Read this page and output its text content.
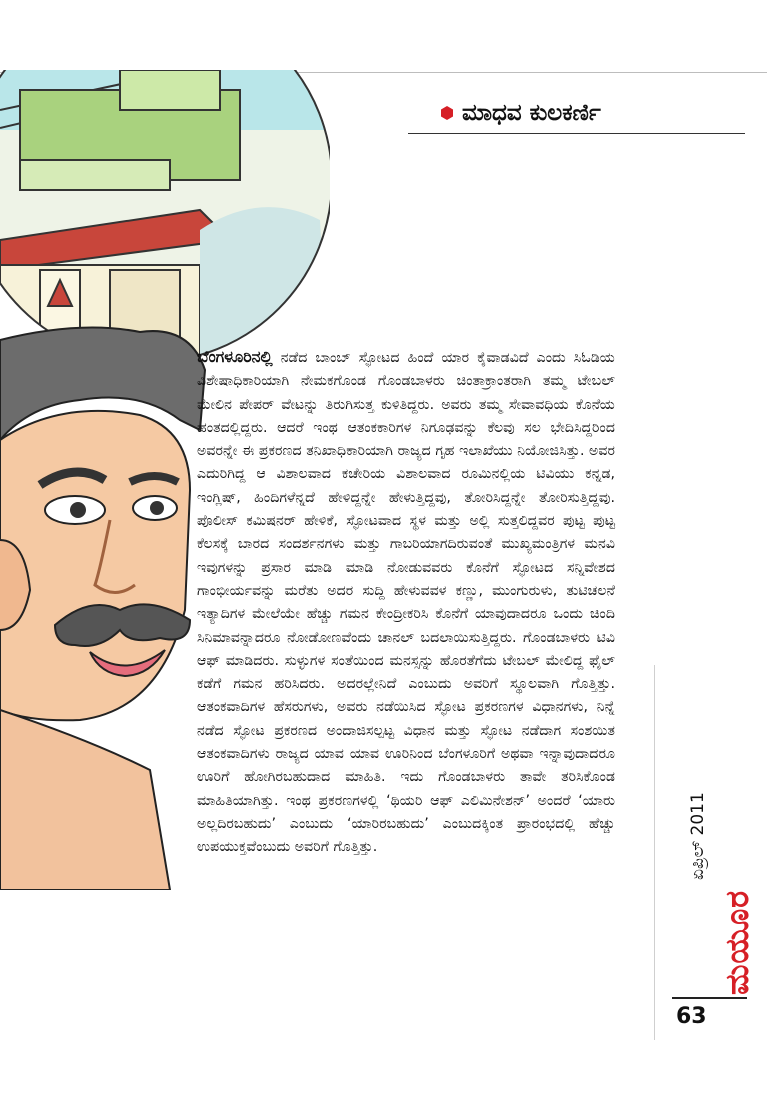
ಮಾಧವ ಕುಲಕರ್ಣಿ

ಬೆಂಗಳೂರಿನಲ್ಲಿ ನಡೆದ ಬಾಂಬ್ ಸ್ಫೋಟದ ಹಿಂದೆ ಯಾರ ಕೈವಾಡವಿದೆ ಎಂದು ಸಿಓಡಿಯ ವಿಶೇಷಾಧಿಕಾರಿಯಾಗಿ ನೇಮಕಗೊಂಡ ಗೊಂಡಬಾಳರು ಚಿಂತಾಕ್ರಾಂತರಾಗಿ ತಮ್ಮ ಟೇಬಲ್ ಮೇಲಿನ ಪೇಪರ್ ವೇಟನ್ನು ತಿರುಗಿಸುತ್ತ ಕುಳಿತಿದ್ದರು. ಅವರು ತಮ್ಮ ಸೇವಾವಧಿಯ ಕೊನೆಯ ಹಂತದಲ್ಲಿದ್ದರು. ಆದರೆ ಇಂಥ ಆತಂಕಕಾರಿಗಳ ನಿಗೂಢವನ್ನು ಕೆಲವು ಸಲ ಭೇದಿಸಿದ್ದರಿಂದ ಅವರನ್ನೇ ಈ ಪ್ರಕರಣದ ತನಿಖಾಧಿಕಾರಿಯಾಗಿ ರಾಜ್ಯದ ಗೃಹ ಇಲಾಖೆಯು ನಿಯೋಜಿಸಿತ್ತು. ಅವರ ಎದುರಿಗಿದ್ದ ಆ ವಿಶಾಲವಾದ ಕಚೇರಿಯ ವಿಶಾಲವಾದ ರೂಮಿನಲ್ಲಿಯ ಟಿವಿಯು ಕನ್ನಡ, ಇಂಗ್ಲಿಷ್, ಹಿಂದಿಗಳೆನ್ನದೆ ಹೇಳಿದ್ದನ್ನೇ ಹೇಳುತ್ತಿದ್ದವು, ತೋರಿಸಿದ್ದನ್ನೇ ತೋರಿಸುತ್ತಿದ್ದವು. ಪೊಲೀಸ್ ಕಮಿಷನರ್ ಹೇಳಿಕೆ, ಸ್ಫೋಟವಾದ ಸ್ಥಳ ಮತ್ತು ಅಲ್ಲಿ ಸುತ್ತಲಿದ್ದವರ ಪುಟ್ಟ ಪುಟ್ಟ ಕೆಲಸಕ್ಕೆ ಬಾರದ ಸಂದರ್ಶನಗಳು ಮತ್ತು ಗಾಬರಿಯಾಗದಿರುವಂತೆ ಮುಖ್ಯಮಂತ್ರಿಗಳ ಮನವಿ ಇವುಗಳನ್ನು ಪ್ರಸಾರ ಮಾಡಿ ಮಾಡಿ ನೋಡುವವರು ಕೊನೆಗೆ ಸ್ಫೋಟದ ಸನ್ನಿವೇಶದ ಗಾಂಭೀರ್ಯವನ್ನು ಮರೆತು ಅದರ ಸುದ್ದಿ ಹೇಳುವವಳ ಕಣ್ಣು, ಮುಂಗುರುಳು, ತುಟಿಚಲನೆ ಇತ್ಯಾದಿಗಳ ಮೇಲೆಯೇ ಹೆಚ್ಚು ಗಮನ ಕೇಂದ್ರೀಕರಿಸಿ ಕೊನೆಗೆ ಯಾವುದಾದರೂ ಒಂದು ಚಿಂದಿ ಸಿನಿಮಾವನ್ನಾದರೂ ನೋಡೋಣವೆಂದು ಚಾನಲ್ ಬದಲಾಯಿಸುತ್ತಿದ್ದರು. ಗೊಂಡಬಾಳರು ಟಿವಿ ಆಫ್ ಮಾಡಿದರು. ಸುಳ್ಳುಗಳ ಸಂತೆಯಿಂದ ಮನಸ್ಸನ್ನು ಹೊರತೆಗೆದು ಟೇಬಲ್ ಮೇಲಿದ್ದ ಫೈಲ್ ಕಡೆಗೆ ಗಮನ ಹರಿಸಿದರು. ಅದರಲ್ಲೇನಿದೆ ಎಂಬುದು ಅವರಿಗೆ ಸ್ಥೂಲವಾಗಿ ಗೊತ್ತಿತ್ತು. ಆತಂಕವಾದಿಗಳ ಹೆಸರುಗಳು, ಅವರು ನಡೆಯಿಸಿದ ಸ್ಫೋಟ ಪ್ರಕರಣಗಳ ವಿಧಾನಗಳು, ನಿನ್ನೆ ನಡೆದ ಸ್ಫೋಟ ಪ್ರಕರಣದ ಅಂದಾಜಿಸಲ್ಪಟ್ಟ ವಿಧಾನ ಮತ್ತು ಸ್ಫೋಟ ನಡೆದಾಗ ಸಂಶಯಿತ ಆತಂಕವಾದಿಗಳು ರಾಜ್ಯದ ಯಾವ ಯಾವ ಊರಿನಿಂದ ಬೆಂಗಳೂರಿಗೆ ಅಥವಾ ಇನ್ನಾವುದಾದರೂ ಊರಿಗೆ ಹೋಗಿರಬಹುದಾದ ಮಾಹಿತಿ. ಇದು ಗೊಂಡಬಾಳರು ತಾವೇ ತರಿಸಿಕೊಂಡ ಮಾಹಿತಿಯಾಗಿತ್ತು. ಇಂಥ ಪ್ರಕರಣಗಳಲ್ಲಿ ‘ಥಿಯರಿ ಆಫ್ ಎಲಿಮಿನೇಶನ್’ ಅಂದರೆ ‘ಯಾರು ಅಲ್ಲದಿರಬಹುದು’ ಎಂಬುದು ‘ಯಾರಿರಬಹುದು’ ಎಂಬುದಕ್ಕಿಂತ ಪ್ರಾರಂಭದಲ್ಲಿ ಹೆಚ್ಚು ಉಪಯುಕ್ತವೆಂಬುದು ಅವರಿಗೆ ಗೊತ್ತಿತ್ತು.	ಏಪ್ರಿಲ್ 2011
ಮಯೂರ
63
